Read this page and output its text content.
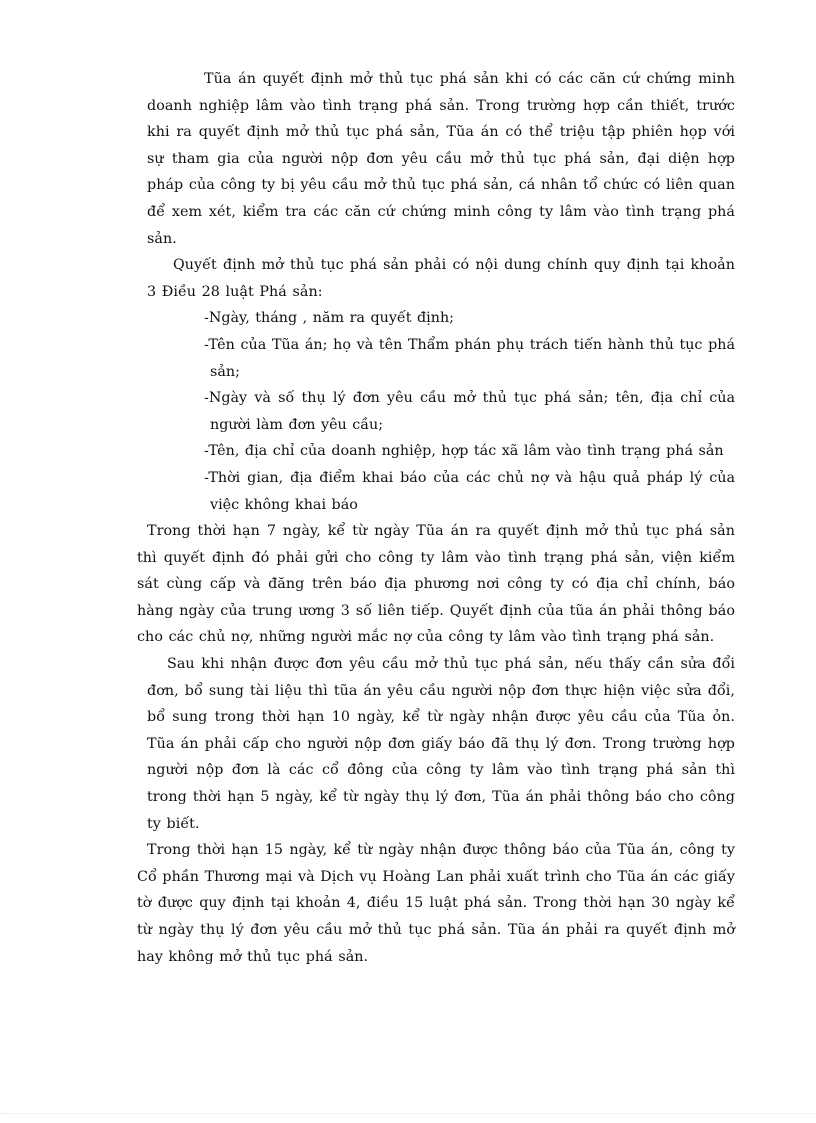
Tũa án quyết định mở thủ tục phá sản khi có các căn cứ chứng minh doanh nghiệp lâm vào tình trạng phá sản. Trong trường hợp cần thiết, trước khi ra quyết định mở thủ tục phá sản, Tũa án có thể triệu tập phiên họp với sự tham gia của người nộp đơn yêu cầu mở thủ tục phá sản, đại diện hợp pháp của công ty bị yêu cầu mở thủ tục phá sản, cá nhân tổ chức có liên quan để xem xét, kiểm tra các căn cứ chứng minh công ty lâm vào tình trạng phá sản.

Quyết định mở thủ tục phá sản phải có nội dung chính quy định tại khoản 3 Điều 28 luật Phá sản:

-Ngày, tháng , năm ra quyết định;
-Tên của Tũa án; họ và tên Thẩm phán phụ trách tiến hành thủ tục phá sản;
-Ngày và số thụ lý đơn yêu cầu mở thủ tục phá sản; tên, địa chỉ của người làm đơn yêu cầu;
-Tên, địa chỉ của doanh nghiệp, hợp tác xã lâm vào tình trạng phá sản
-Thời gian, địa điểm khai báo của các chủ nợ và hậu quả pháp lý của việc không khai báo

Trong thời hạn 7 ngày, kể từ ngày Tũa án ra quyết định mở thủ tục phá sản thì quyết định đó phải gửi cho công ty lâm vào tình trạng phá sản, viện kiểm sát cùng cấp và đăng trên báo địa phương nơi công ty có địa chỉ chính, báo hàng ngày của trung ương 3 số liên tiếp. Quyết định của tũa án phải thông báo cho các chủ nợ, những người mắc nợ của công ty lâm vào tình trạng phá sản.

Sau khi nhận được đơn yêu cầu mở thủ tục phá sản, nếu thấy cần sửa đổi đơn, bổ sung tài liệu thì tũa án yêu cầu người nộp đơn thực hiện việc sửa đổi, bổ sung trong thời hạn 10 ngày, kể từ ngày nhận được yêu cầu của Tũa ỏn. Tũa án phải cấp cho người nộp đơn giấy báo đã thụ lý đơn. Trong trường hợp người nộp đơn là các cổ đông của công ty lâm vào tình trạng phá sản thì trong thời hạn 5 ngày, kể từ ngày thụ lý đơn, Tũa án phải thông báo cho công ty biết.

Trong thời hạn 15 ngày, kể từ ngày nhận được thông báo của Tũa án, công ty Cổ phần Thương mại và Dịch vụ Hoàng Lan phải xuất trình cho Tũa án các giấy tờ được quy định tại khoản 4, điều 15 luật phá sản. Trong thời hạn 30 ngày kể từ ngày thụ lý đơn yêu cầu mở thủ tục phá sản. Tũa án phải ra quyết định mở hay không mở thủ tục phá sản.
